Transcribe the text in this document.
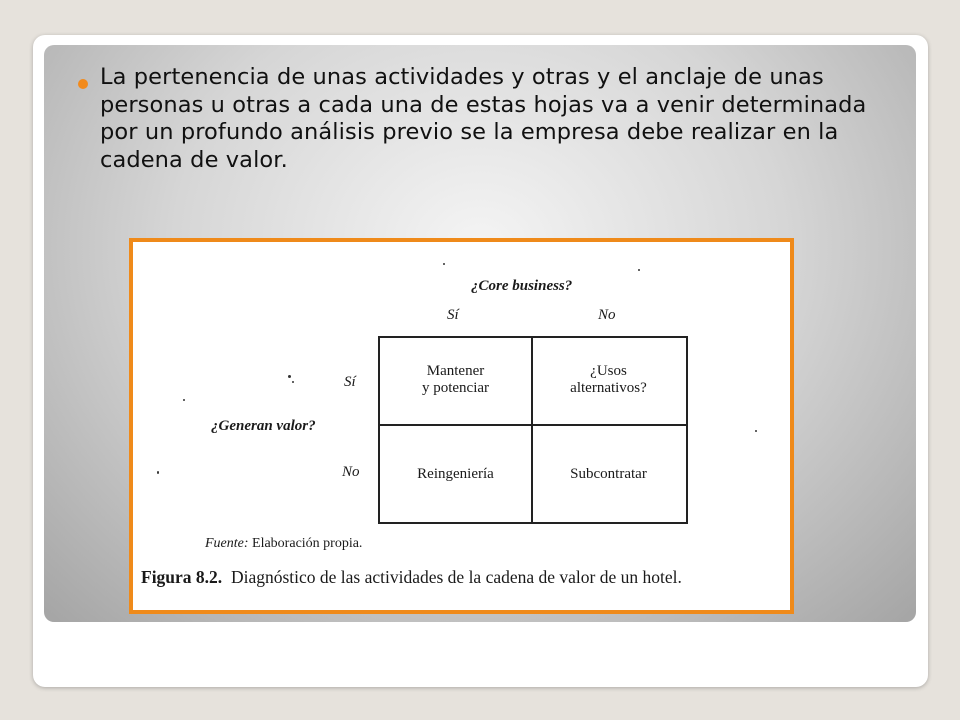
La pertenencia de unas actividades y otras y el anclaje de unas personas u otras a cada una de estas hojas va a venir determinada por un profundo análisis previo se la empresa debe realizar en la cadena de valor.
¿Core business?
Sí	No
Sí
¿Generan valor?
No
Mantener
y potenciar
¿Usos
alternativos?
Reingeniería	Subcontratar
Fuente: Elaboración propia.
Figura 8.2. Diagnóstico de las actividades de la cadena de valor de un hotel.
